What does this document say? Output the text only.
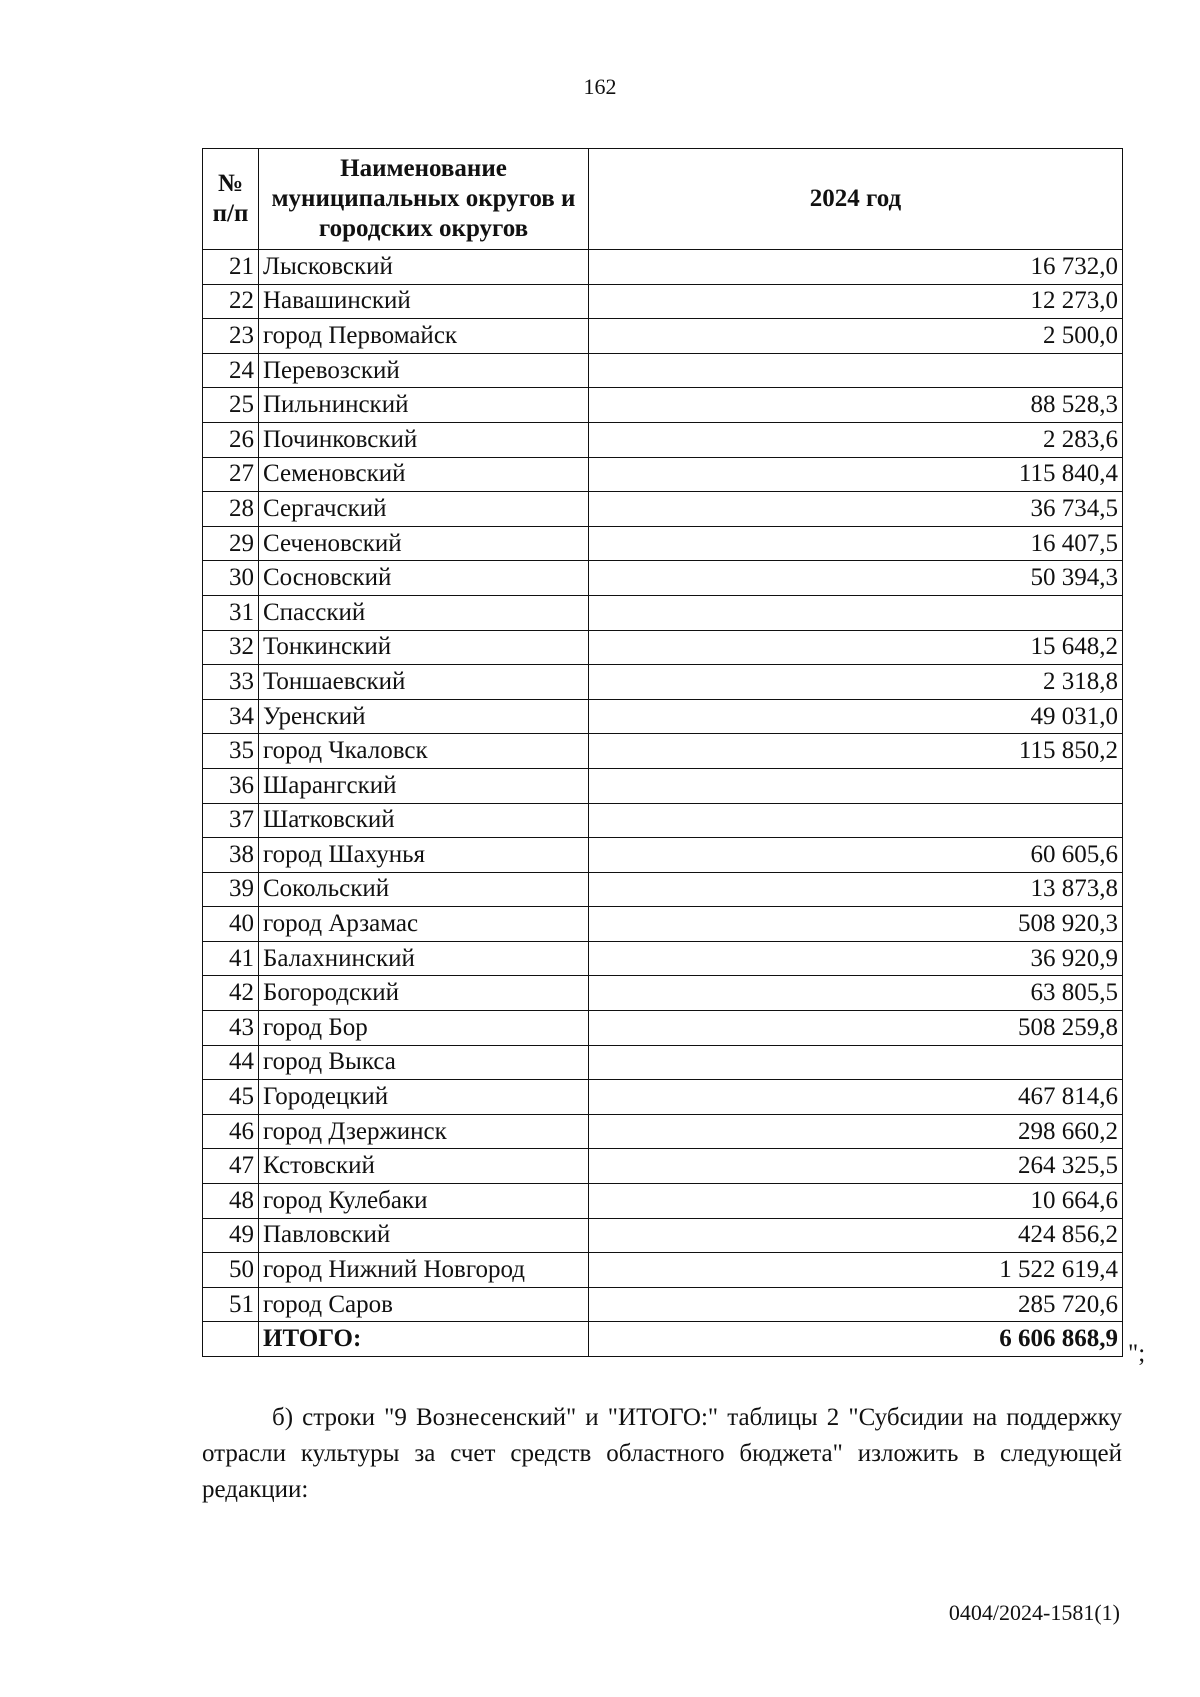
162
№ п/п	Наименование муниципальных округов и городских округов	2024 год
21	Лысковский	16 732,0
22	Навашинский	12 273,0
23	город Первомайск	2 500,0
24	Перевозский	
25	Пильнинский	88 528,3
26	Починковский	2 283,6
27	Семеновский	115 840,4
28	Сергачский	36 734,5
29	Сеченовский	16 407,5
30	Сосновский	50 394,3
31	Спасский	
32	Тонкинский	15 648,2
33	Тоншаевский	2 318,8
34	Уренский	49 031,0
35	город Чкаловск	115 850,2
36	Шарангский	
37	Шатковский	
38	город Шахунья	60 605,6
39	Сокольский	13 873,8
40	город Арзамас	508 920,3
41	Балахнинский	36 920,9
42	Богородский	63 805,5
43	город Бор	508 259,8
44	город Выкса	
45	Городецкий	467 814,6
46	город Дзержинск	298 660,2
47	Кстовский	264 325,5
48	город Кулебаки	10 664,6
49	Павловский	424 856,2
50	город Нижний Новгород	1 522 619,4
51	город Саров	285 720,6
	ИТОГО:	6 606 868,9
";
б) строки "9 Вознесенский" и "ИТОГО:" таблицы 2 "Субсидии на поддержку отрасли культуры за счет средств областного бюджета" изложить в следующей редакции:
0404/2024-1581(1)
